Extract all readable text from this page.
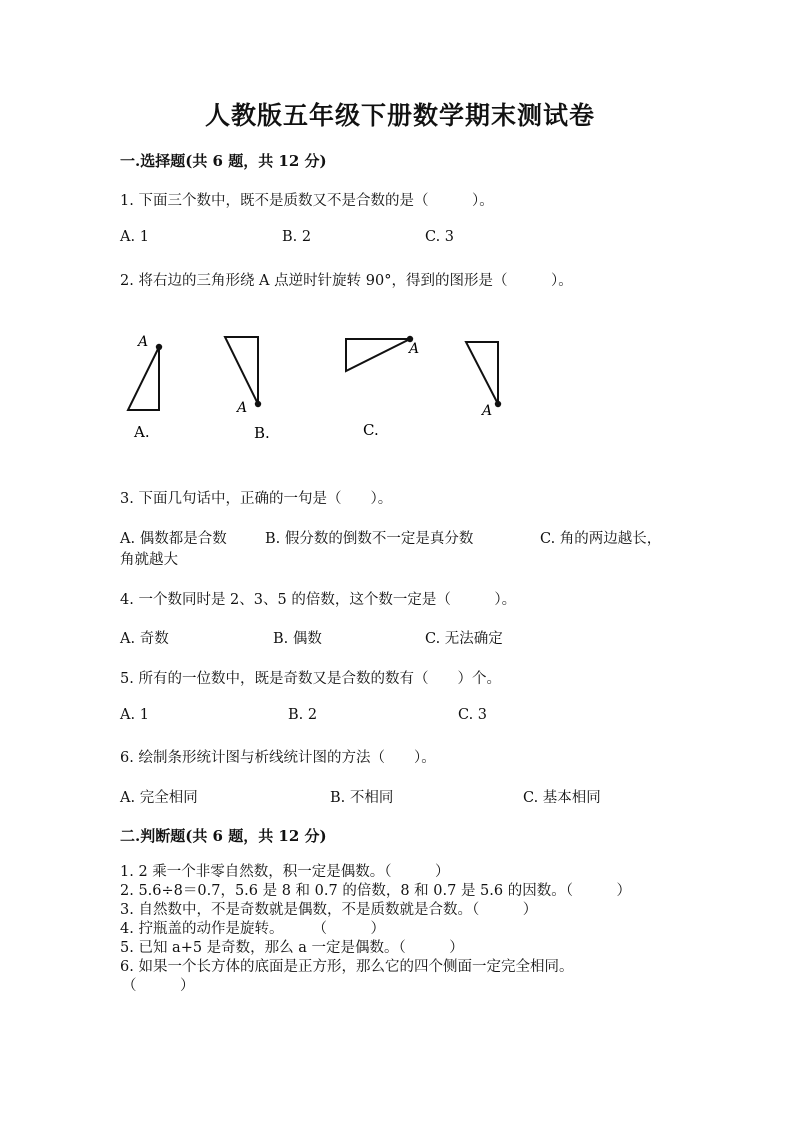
人教版五年级下册数学期末测试卷
一.选择题(共 6 题，共 12 分)
1. 下面三个数中，既不是质数又不是合数的是（　　　）。
A. 1	B. 2	C. 3
2. 将右边的三角形绕 A 点逆时针旋转 90°，得到的图形是（　　　）。
A
A.
A
B.
A
C.
A
3. 下面几句话中，正确的一句是（　　）。
A. 偶数都是合数	B. 假分数的倒数不一定是真分数	C. 角的两边越长，
角就越大
4. 一个数同时是 2、3、5 的倍数，这个数一定是（　　　）。
A. 奇数	B. 偶数	C. 无法确定
5. 所有的一位数中，既是奇数又是合数的数有（　　）个。
A. 1	B. 2	C. 3
6. 绘制条形统计图与析线统计图的方法（　　）。
A. 完全相同	B. 不相同	C. 基本相同
二.判断题(共 6 题，共 12 分)
1. 2 乘一个非零自然数，积一定是偶数。（　　　）
2. 5.6÷8＝0.7，5.6 是 8 和 0.7 的倍数，8 和 0.7 是 5.6 的因数。（　　　）
3. 自然数中，不是奇数就是偶数，不是质数就是合数。（　　　）
4. 拧瓶盖的动作是旋转。　　　（　　　）
5. 已知 a+5 是奇数，那么 a 一定是偶数。（　　　）
6. 如果一个长方体的底面是正方形，那么它的四个侧面一定完全相同。
（　　　）
